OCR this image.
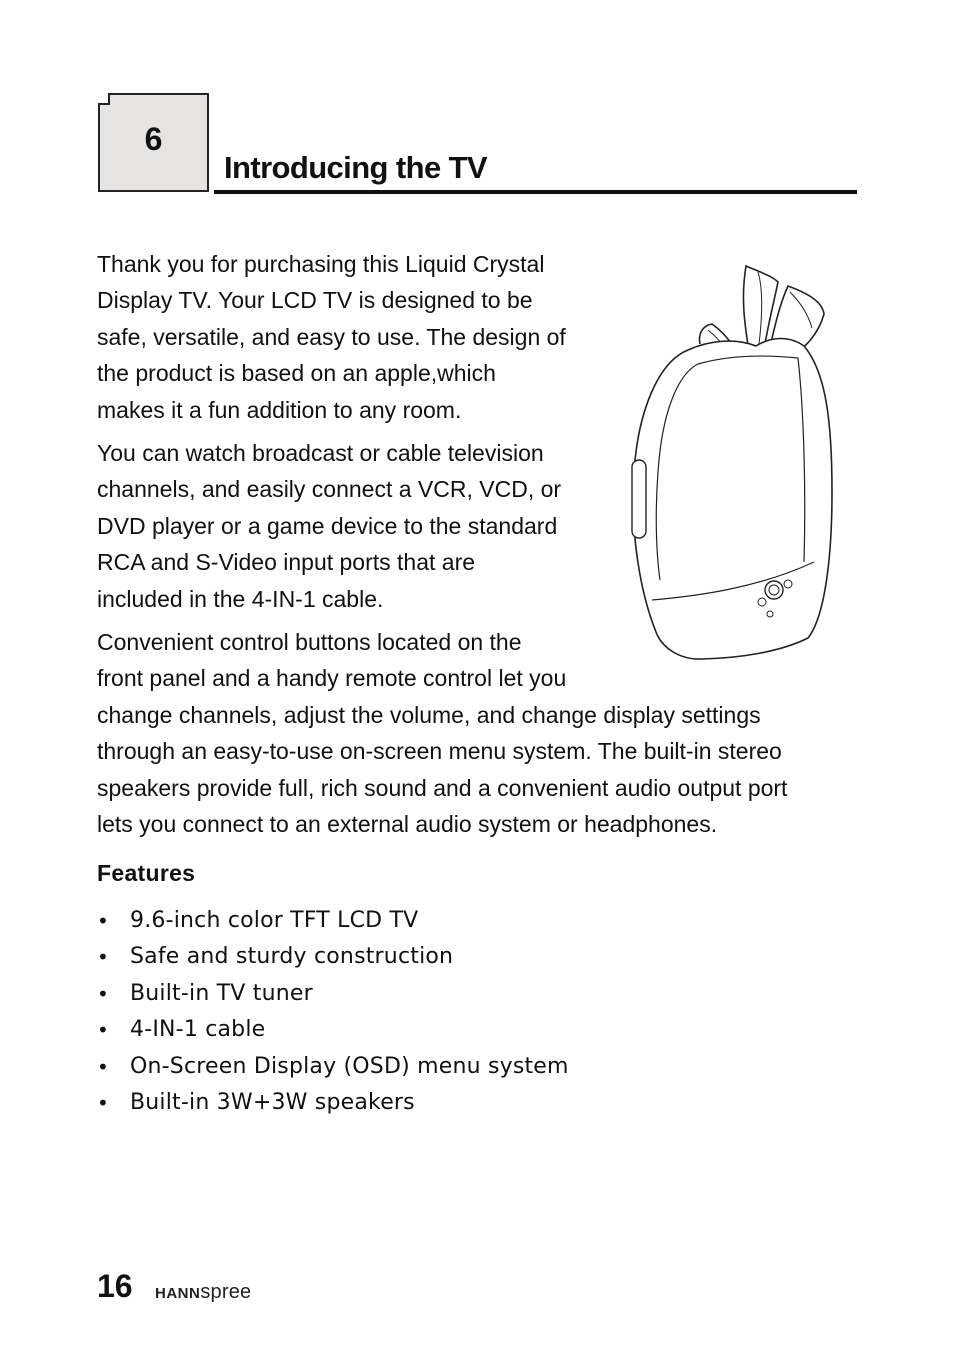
6
Introducing the TV

Thank you for purchasing this Liquid Crystal
Display TV. Your LCD TV is designed to be
safe, versatile, and easy to use. The design of
the product is based on an apple,which
makes it a fun addition to any room.

You can watch broadcast or cable television
channels, and easily connect a VCR, VCD, or
DVD player or a game device to the standard
RCA and S-Video input ports that are
included in the 4-IN-1 cable.

Convenient control buttons located on the
front panel and a handy remote control let you
change channels, adjust the volume, and change display settings
through an easy-to-use on-screen menu system. The built-in stereo
speakers provide full, rich sound and a convenient audio output port
lets you connect to an external audio system or headphones.

Features
• 9.6-inch color TFT LCD TV
• Safe and sturdy construction
• Built-in TV tuner
• 4-IN-1 cable
• On-Screen Display (OSD) menu system
• Built-in 3W+3W speakers
16 HANNspree
